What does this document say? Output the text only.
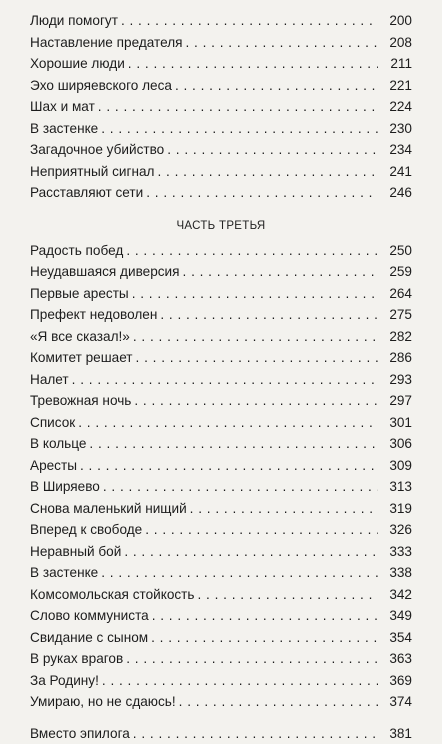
Люди помогут . . .	200
Наставление предателя . . .	208
Хорошие люди . . .	211
Эхо ширяевского леса . . .	221
Шах и мат . . .	224
В застенке . . .	230
Загадочное убийство . . .	234
Неприятный сигнал . . .	241
Расставляют сети . . .	246
ЧАСТЬ ТРЕТЬЯ
Радость побед . . .	250
Неудавшаяся диверсия . . .	259
Первые аресты . . .	264
Префект недоволен . . .	275
«Я все сказал!» . . .	282
Комитет решает . . .	286
Налет . . .	293
Тревожная ночь . . .	297
Список . . .	301
В кольце . . .	306
Аресты . . .	309
В Ширяево . . .	313
Снова маленький нищий . . .	319
Вперед к свободе . . .	326
Неравный бой . . .	333
В застенке . . .	338
Комсомольская стойкость . . .	342
Слово коммуниста . . .	349
Свидание с сыном . . .	354
В руках врагов . . .	363
За Родину! . . .	369
Умираю, но не сдаюсь! . . .	374
Вместо эпилога . . .	381
